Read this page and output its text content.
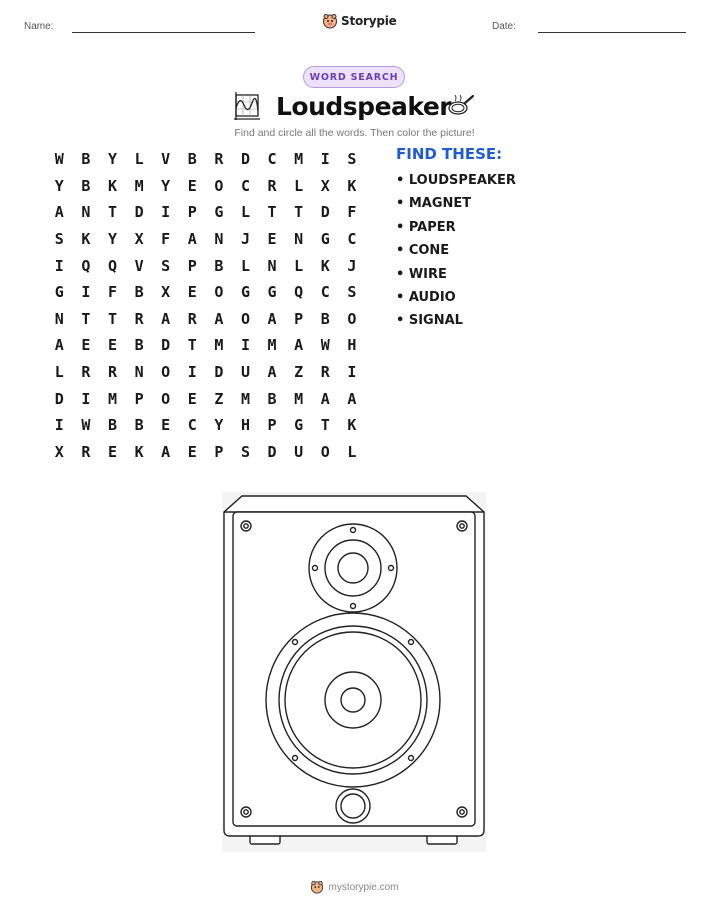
Name:	Storypie	Date:
WORD SEARCH
Loudspeaker
Find and circle all the words. Then color the picture!
W	B	Y	L	V	B	R	D	C	M	I	S
Y	B	K	M	Y	E	O	C	R	L	X	K
A	N	T	D	I	P	G	L	T	T	D	F
S	K	Y	X	F	A	N	J	E	N	G	C
I	Q	Q	V	S	P	B	L	N	L	K	J
G	I	F	B	X	E	O	G	G	Q	C	S
N	T	T	R	A	R	A	O	A	P	B	O
A	E	E	B	D	T	M	I	M	A	W	H
L	R	R	N	O	I	D	U	A	Z	R	I
D	I	M	P	O	E	Z	M	B	M	A	A
I	W	B	B	E	C	Y	H	P	G	T	K
X	R	E	K	A	E	P	S	D	U	O	L
FIND THESE:
• LOUDSPEAKER
• MAGNET
• PAPER
• CONE
• WIRE
• AUDIO
• SIGNAL
mystorypie.com
